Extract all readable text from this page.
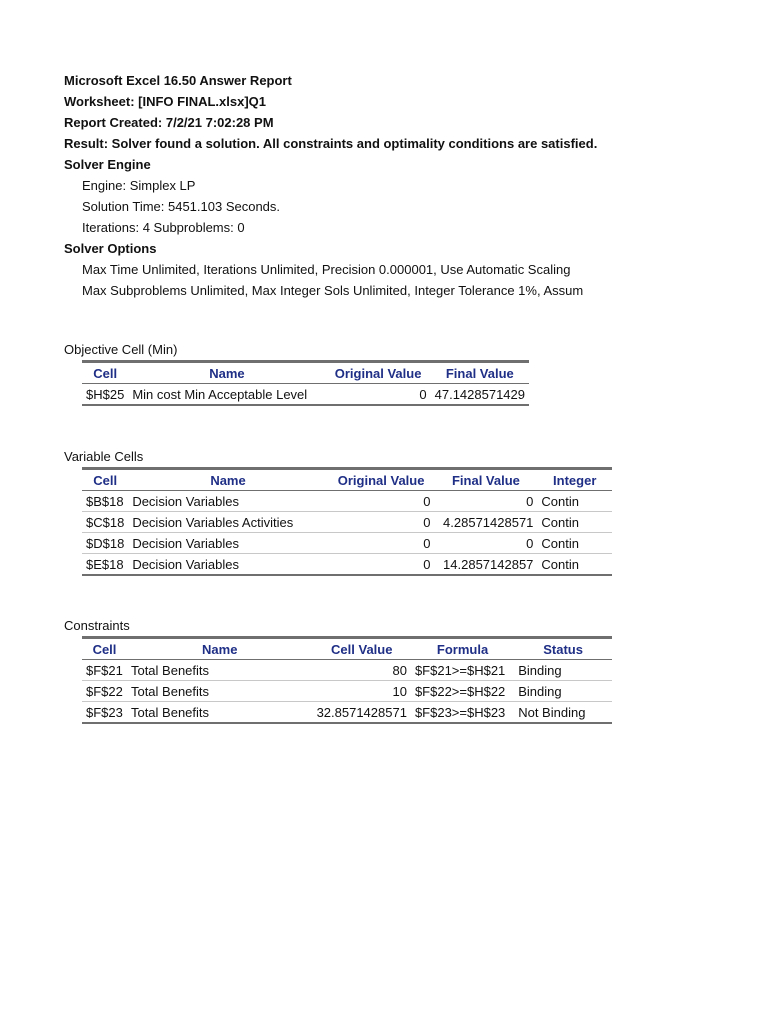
Microsoft Excel 16.50 Answer Report
Worksheet: [INFO FINAL.xlsx]Q1
Report Created: 7/2/21 7:02:28 PM
Result: Solver found a solution. All constraints and optimality conditions are satisfied.
Solver Engine
Engine: Simplex LP
Solution Time: 5451.103 Seconds.
Iterations: 4 Subproblems: 0
Solver Options
Max Time Unlimited, Iterations Unlimited, Precision 0.000001, Use Automatic Scaling
Max Subproblems Unlimited, Max Integer Sols Unlimited, Integer Tolerance 1%, Assum
Objective Cell (Min)
Cell	Name	Original Value	Final Value
$H$25	Min cost Min Acceptable Level	0	47.1428571429
Variable Cells
Cell	Name	Original Value	Final Value	Integer
$B$18	Decision Variables	0	0	Contin
$C$18	Decision Variables Activities	0	4.28571428571	Contin
$D$18	Decision Variables	0	0	Contin
$E$18	Decision Variables	0	14.2857142857	Contin
Constraints
Cell	Name	Cell Value	Formula	Status
$F$21	Total Benefits	80	$F$21>=$H$21	Binding
$F$22	Total Benefits	10	$F$22>=$H$22	Binding
$F$23	Total Benefits	32.8571428571	$F$23>=$H$23	Not Binding
